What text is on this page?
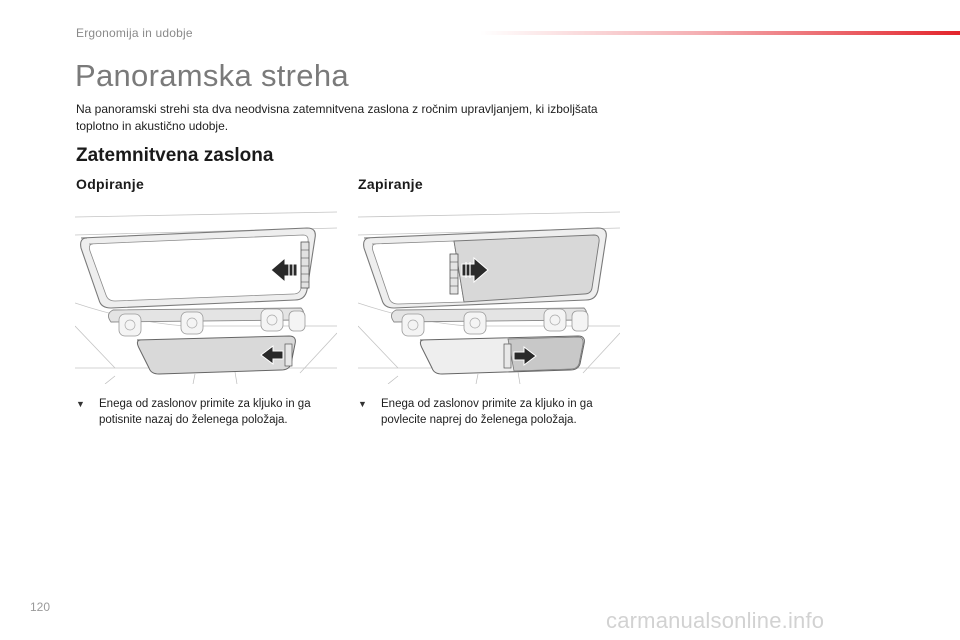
Ergonomija in udobje
Panoramska streha

Na panoramski strehi sta dva neodvisna zatemnitvena zaslona z ročnim upravljanjem, ki izboljšata toplotno in akustično udobje.

Zatemnitvena zaslona
Odpiranje	Zapiranje
▼	Enega od zaslonov primite za kljuko in ga potisnite nazaj do želenega položaja.
▼	Enega od zaslonov primite za kljuko in ga povlecite naprej do želenega položaja.
120
carmanualsonline.info
